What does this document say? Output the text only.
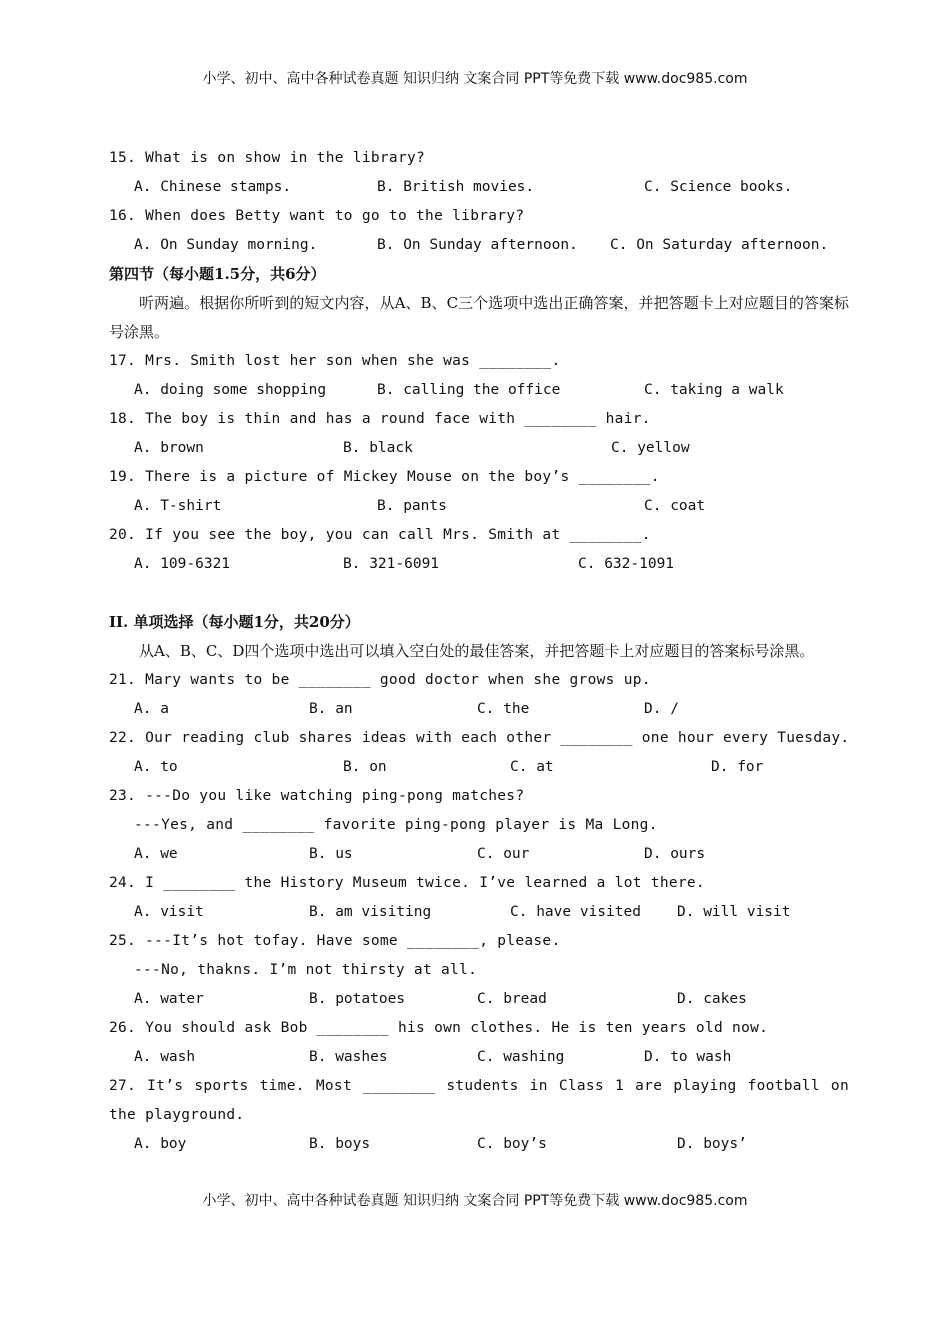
小学、初中、高中各种试卷真题 知识归纳 文案合同 PPT等免费下载 www.doc985.com
15. What is on show in the library?
A. Chinese stamps.	B. British movies.	C. Science books.
16. When does Betty want to go to the library?
A. On Sunday morning.	B. On Sunday afternoon. C. On Saturday afternoon.
第四节（每小题1.5分，共6分）
听两遍。根据你所听到的短文内容，从A、B、C三个选项中选出正确答案，并把答题卡上对应题目的答案标号涂黑。
17. Mrs. Smith lost her son when she was ________.
A. doing some shopping	B. calling the office	C. taking a walk
18. The boy is thin and has a round face with ________ hair.
A. brown	B. black	C. yellow
19. There is a picture of Mickey Mouse on the boy’s ________.
A. T-shirt	B. pants	C. coat
20. If you see the boy, you can call Mrs. Smith at ________.
A. 109-6321	B. 321-6091	C. 632-1091
II. 单项选择（每小题1分，共20分）
从A、B、C、D四个选项中选出可以填入空白处的最佳答案，并把答题卡上对应题目的答案标号涂黑。
21. Mary wants to be ________ good doctor when she grows up.
A. a	B. an	C. the	D. /
22. Our reading club shares ideas with each other ________ one hour every Tuesday.
A. to	B. on	C. at	D. for
23. ---Do you like watching ping-pong matches?
---Yes, and ________ favorite ping-pong player is Ma Long.
A. we	B. us	C. our	D. ours
24. I ________ the History Museum twice. I’ve learned a lot there.
A. visit	B. am visiting	C. have visited D. will visit
25. ---It’s hot tofay. Have some ________, please.
---No, thakns. I’m not thirsty at all.
A. water	B. potatoes	C. bread	D. cakes
26. You should ask Bob ________ his own clothes. He is ten years old now.
A. wash	B. washes	C. washing	D. to wash
27. It’s sports time. Most ________ students in Class 1 are playing football on the playground.
A. boy	B. boys	C. boy’s	D. boys’
小学、初中、高中各种试卷真题 知识归纳 文案合同 PPT等免费下载 www.doc985.com
